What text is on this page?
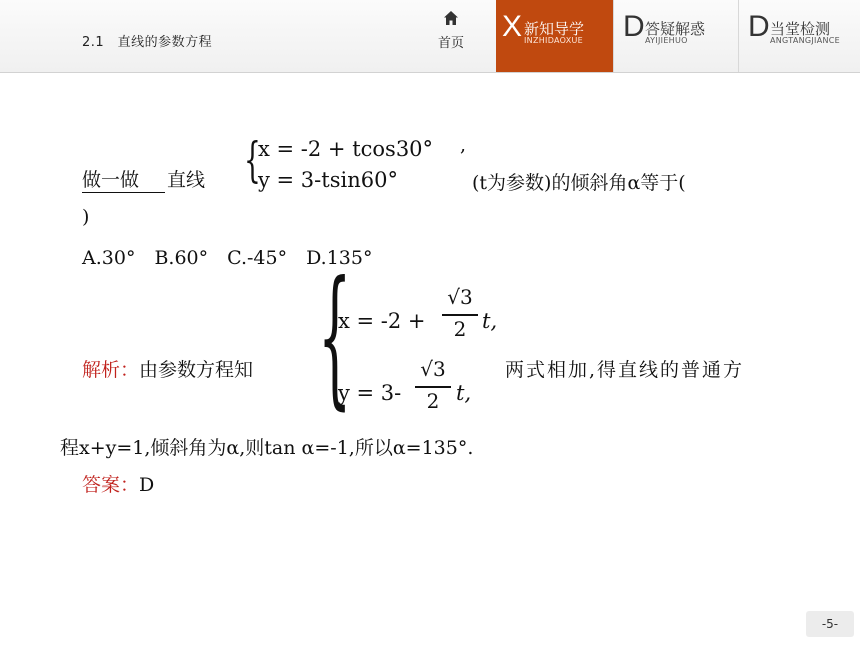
2.1　直线的参数方程	首页
X 新知导学
INZHIDAOXUE D 答疑解惑
AYIJIEHUO D 当堂检测
ANGTANGJIANCE
做一做 直线 {
x = -2 + tcos30°
y = 3-tsin60°
,
(t为参数)的倾斜角α等于(
)
A.30°　B.60°　C.-45°　D.135°
解析：由参数方程知 {
x = -2 +
√3
2 t,
y = 3-
√3
2 t,
两式相加,得直线的普通方
程x+y=1,倾斜角为α,则tan α=-1,所以α=135°.
答案：D
-5-
